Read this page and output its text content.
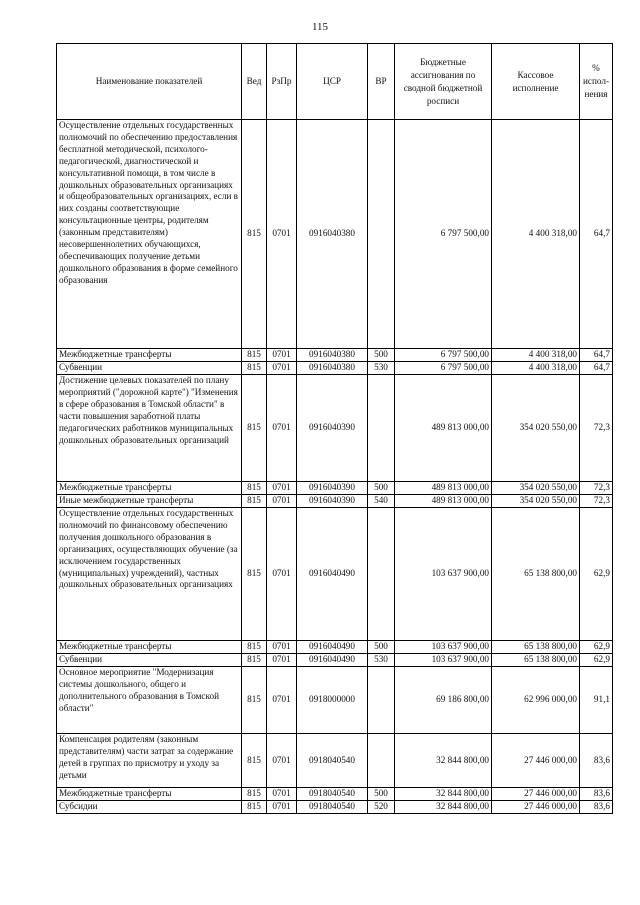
115
Наименование показателей	Вед	РзПр	ЦСР	ВР	Бюджетные ассигнования по сводной бюджетной росписи	Кассовое исполнение	% испол-нения
Осуществление отдельных государственных полномочий по обеспечению предоставления бесплатной методической, психолого-педагогической, диагностической и консультативной помощи, в том числе в дошкольных образовательных организациях и общеобразовательных организациях, если в них созданы соответствующие консультационные центры, родителям (законным представителям) несовершеннолетних обучающихся, обеспечивающих получение детьми дошкольного образования в форме семейного образования	815	0701	0916040380		6 797 500,00	4 400 318,00	64,7
Межбюджетные трансферты	815	0701	0916040380	500	6 797 500,00	4 400 318,00	64,7
Субвенции	815	0701	0916040380	530	6 797 500,00	4 400 318,00	64,7
Достижение целевых показателей по плану мероприятий ("дорожной карте") "Изменения в сфере образования в Томской области" в части повышения заработной платы педагогических работников муниципальных дошкольных образовательных организаций	815	0701	0916040390		489 813 000,00	354 020 550,00	72,3
Межбюджетные трансферты	815	0701	0916040390	500	489 813 000,00	354 020 550,00	72,3
Иные межбюджетные трансферты	815	0701	0916040390	540	489 813 000,00	354 020 550,00	72,3
Осуществление отдельных государственных полномочий по финансовому обеспечению получения дошкольного образования в организациях, осуществляющих обучение (за исключением государственных (муниципальных) учреждений), частных дошкольных образовательных организациях	815	0701	0916040490		103 637 900,00	65 138 800,00	62,9
Межбюджетные трансферты	815	0701	0916040490	500	103 637 900,00	65 138 800,00	62,9
Субвенции	815	0701	0916040490	530	103 637 900,00	65 138 800,00	62,9
Основное мероприятие "Модернизация системы дошкольного, общего и дополнительного образования в Томской области"	815	0701	0918000000		69 186 800,00	62 996 000,00	91,1
Компенсация родителям (законным представителям) части затрат за содержание детей в группах по присмотру и уходу за детьми	815	0701	0918040540		32 844 800,00	27 446 000,00	83,6
Межбюджетные трансферты	815	0701	0918040540	500	32 844 800,00	27 446 000,00	83,6
Субсидии	815	0701	0918040540	520	32 844 800,00	27 446 000,00	83,6
